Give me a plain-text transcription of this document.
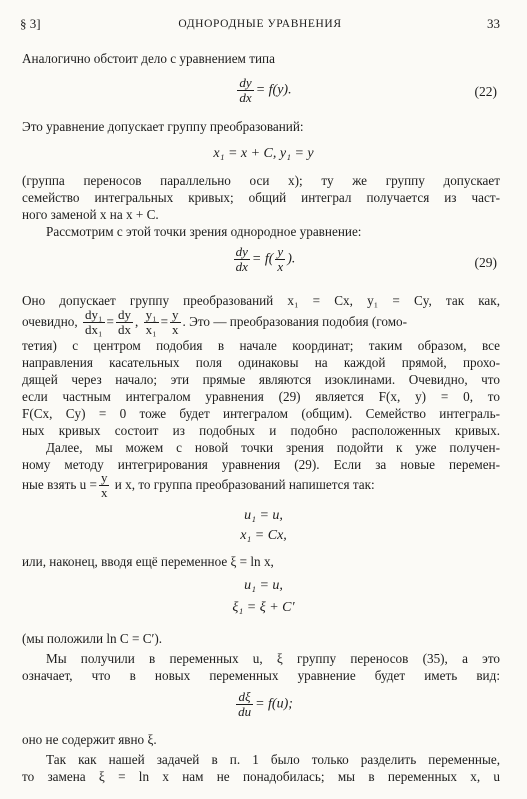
§ 3]	ОДНОРОДНЫЕ УРАВНЕНИЯ	33
Аналогично обстоит дело с уравнением типа
$\frac{dy}{dx} = f(y)$.	(22)
Это уравнение допускает группу преобразований:
x₁ = x + C, y₁ = y
(группа переносов параллельно оси x); ту же группу допускает
семейство интегральных кривых; общий интеграл получается из част-
ного заменой x на x + C.
Рассмотрим с этой точки зрения однородное уравнение:
$\frac{dy}{dx} = f( \frac{y}{x}$ ).	(29)
Оно допускает группу преобразований x₁ = Cx, y₁ = Cy, так как,
очевидно, $\frac{\text{dy₁}}{\text{dx₁}} = \frac{dy}{dx}$ , $\frac{\text{y₁}}{\text{x₁}} = \frac{y}{x}$ . Это — преобразования подобия (гомо-
тетия) с центром подобия в начале координат; таким образом, все
направления касательных поля одинаковы на каждой прямой, прохо-
дящей через начало; эти прямые являются изоклинами. Очевидно, что
если частным интегралом уравнения (29) является F(x, y) = 0, то
F(Cx, Cy) = 0 тоже будет интегралом (общим). Семейство интеграль-
ных кривых состоит из подобных и подобно расположенных кривых.
Далее, мы можем с новой точки зрения подойти к уже получен-
ному методу интегрирования уравнения (29). Если за новые перемен-
ные взять $u = \frac{y}{x}$ и x, то группа преобразований напишется так:
u₁ = u,
x₁ = Cx,
или, наконец, вводя ещё переменное ξ = ln x,
u₁ = u,
ξ₁ = ξ + C′
(мы положили ln C = C′).
Мы получили в переменных u, ξ группу переносов (35), а это
означает, что в новых переменных уравнение будет иметь вид:
$\frac{d\xi}{du} = f(u)$;
оно не содержит явно ξ.
Так как нашей задачей в п. 1 было только разделить переменные,
то замена ξ = ln x нам не понадобилась; мы в переменных x, u
